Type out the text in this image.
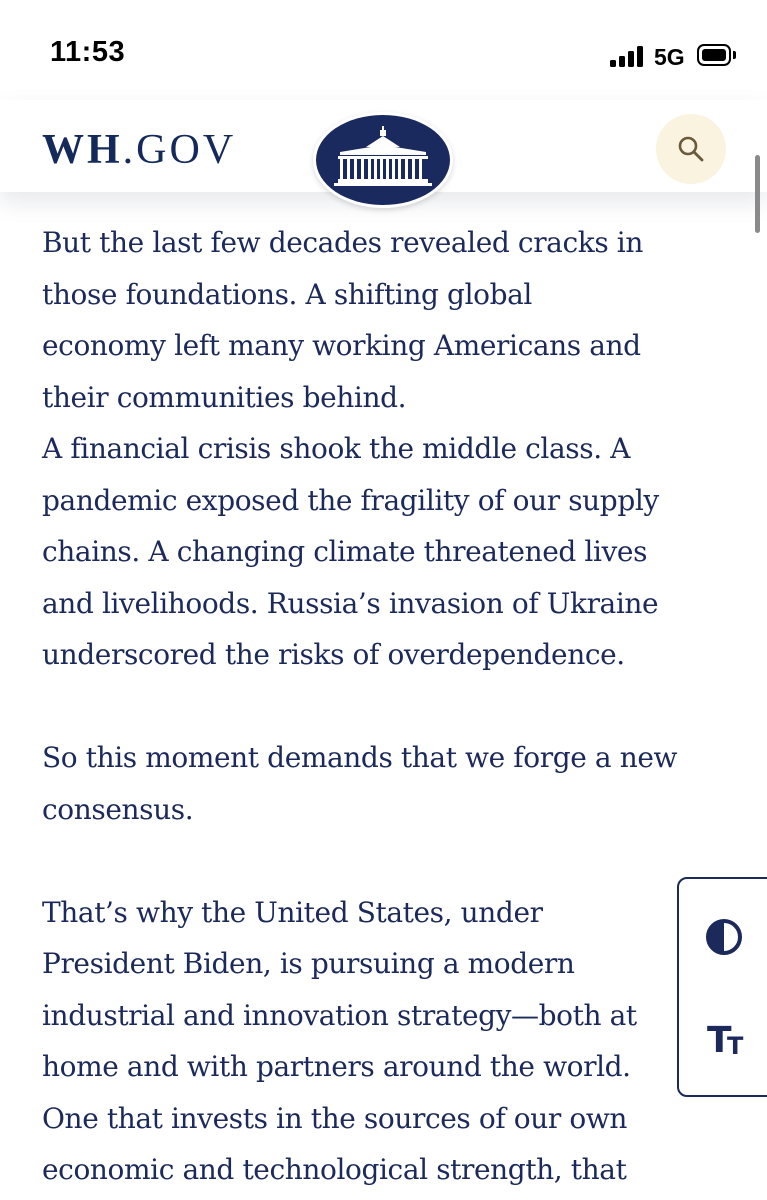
11:53	5G
WH.GOV

But the last few decades revealed cracks in
those foundations. A shifting global
economy left many working Americans and
their communities behind.
A financial crisis shook the middle class. A
pandemic exposed the fragility of our supply
chains. A changing climate threatened lives
and livelihoods. Russia’s invasion of Ukraine
underscored the risks of overdependence.

So this moment demands that we forge a new
consensus.

That’s why the United States, under
President Biden, is pursuing a modern
industrial and innovation strategy—both at
home and with partners around the world.
One that invests in the sources of our own
economic and technological strength, that

T
T
